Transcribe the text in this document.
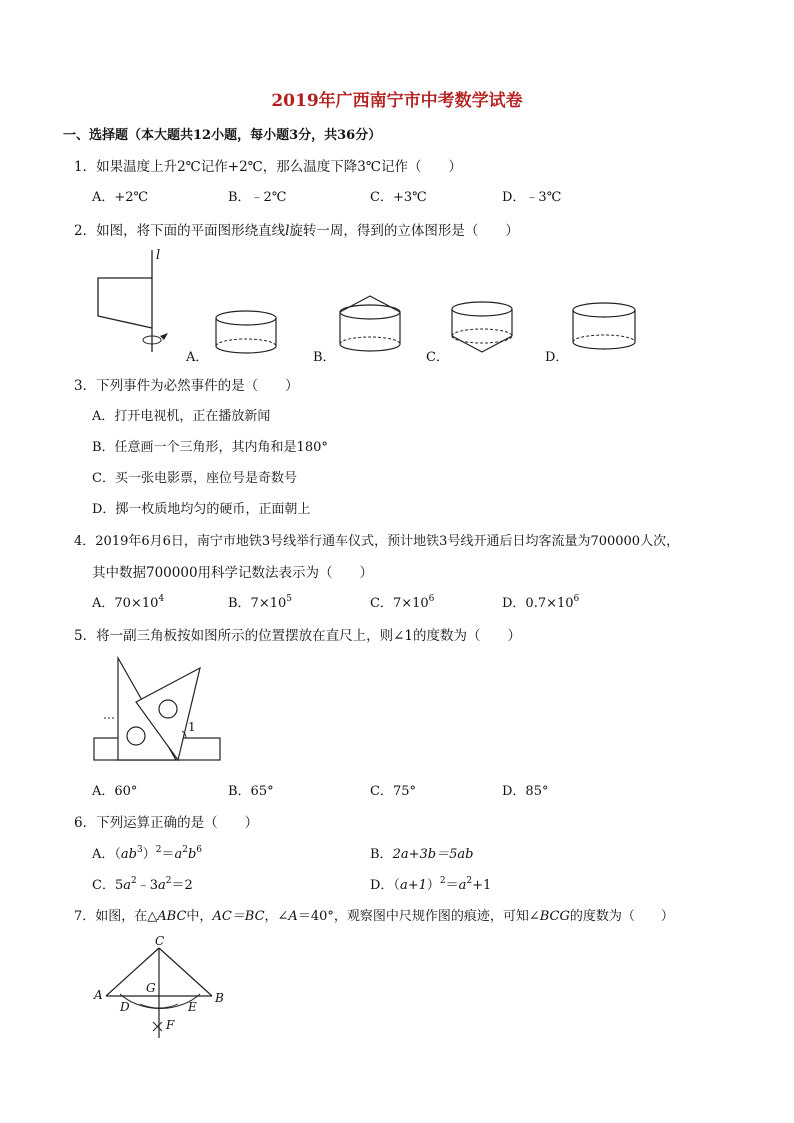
2019年广西南宁市中考数学试卷
一、选择题（本大题共12小题，每小题3分，共36分）
1．如果温度上升2℃记作+2℃，那么温度下降3℃记作（　　）
A．+2℃	B．﹣2℃	C．+3℃	D．﹣3℃
2．如图，将下面的平面图形绕直线l旋转一周，得到的立体图形是（　　）
l
A．	B．	C．	D．
3．下列事件为必然事件的是（　　）
A．打开电视机，正在播放新闻
B．任意画一个三角形，其内角和是180°
C．买一张电影票，座位号是奇数号
D．掷一枚质地均匀的硬币，正面朝上
4．2019年6月6日，南宁市地铁3号线举行通车仪式，预计地铁3号线开通后日均客流量为700000人次，
其中数据700000用科学记数法表示为（　　）
A．$70\times 10^4$	B．$7\times 10^5$	C．$7\times 10^6$	D．$0.7\times 10^6$
5．将一副三角板按如图所示的位置摆放在直尺上，则∠1的度数为（　　）
1
A．60°	B．65°	C．75°	D．85°
6．下列运算正确的是（　　）
A．$(ab^3)^2=a^2b^6$	B．2a+3b＝5ab
C．$5a^2﹣3a^2=2$	D．$(a+1)^2=a^2+1$
7．如图，在△ABC中，AC＝BC，∠A＝40°，观察图中尺规作图的痕迹，可知∠BCG的度数为（　　）
C
A	B
G
D	E
F
